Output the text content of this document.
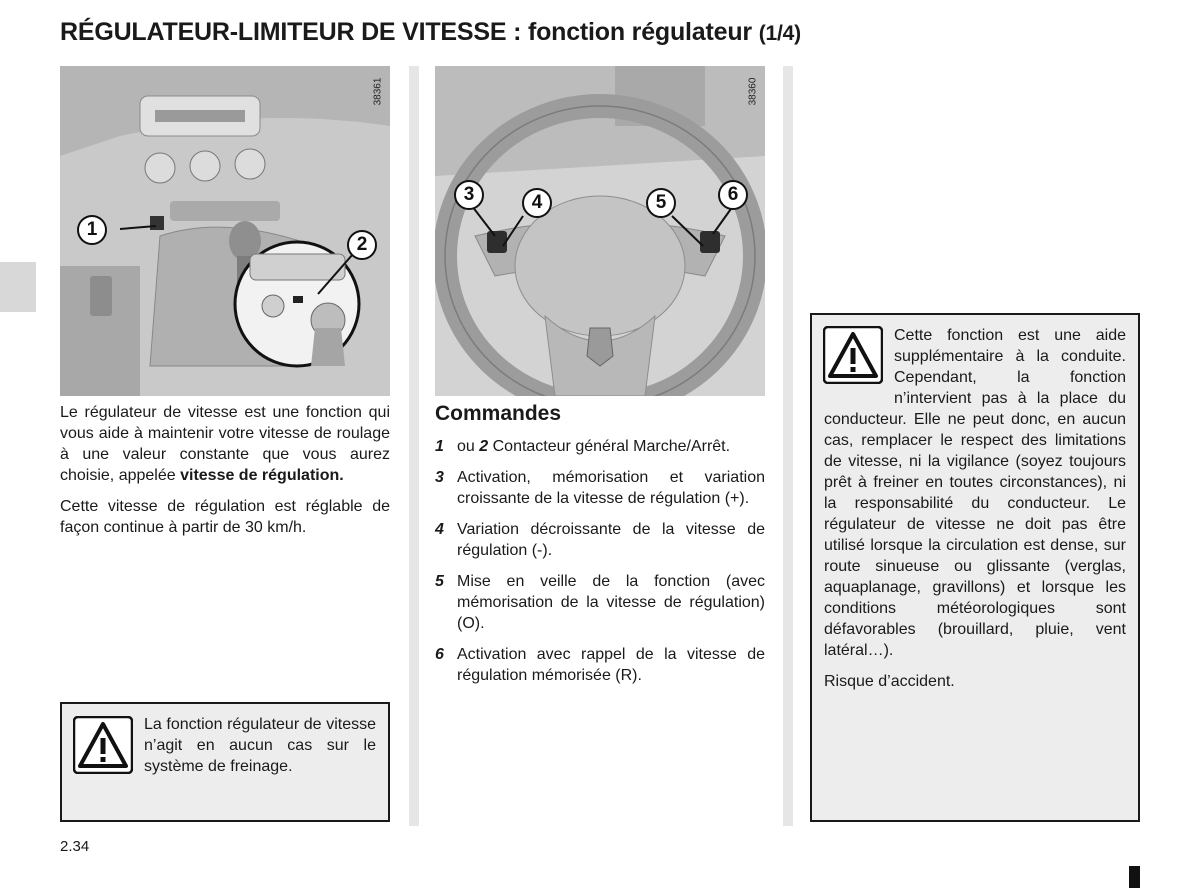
RÉGULATEUR-LIMITEUR DE VITESSE : fonction régulateur (1/4)
38361
1
2
38360
3	4	5	6

Le régulateur de vitesse est une fonction qui vous aide à maintenir votre vitesse de roulage à une valeur constante que vous aurez choisie, appelée vitesse de régulation.

Cette vitesse de régulation est réglable de façon continue à partir de 30 km/h.

La fonction régulateur de vitesse n’agit en aucun cas sur le système de freinage.
Commandes
1 ou 2 Contacteur général Marche/Arrêt.
3 Activation, mémorisation et variation croissante de la vitesse de régulation (+).
4 Variation décroissante de la vitesse de régulation (-).
5 Mise en veille de la fonction (avec mémorisation de la vitesse de régulation) (O).
6 Activation avec rappel de la vitesse de régulation mémorisée (R).
Cette fonction est une aide supplémentaire à la conduite. Cependant, la fonction n’intervient pas à la place du conducteur. Elle ne peut donc, en aucun cas, remplacer le respect des limitations de vitesse, ni la vigilance (soyez toujours prêt à freiner en toutes circonstances), ni la responsabilité du conducteur. Le régulateur de vitesse ne doit pas être utilisé lorsque la circulation est dense, sur route sinueuse ou glissante (verglas, aquaplanage, gravillons) et lorsque les conditions météorologiques sont défavorables (brouillard, pluie, vent latéral…).
Risque d’accident.
2.34
